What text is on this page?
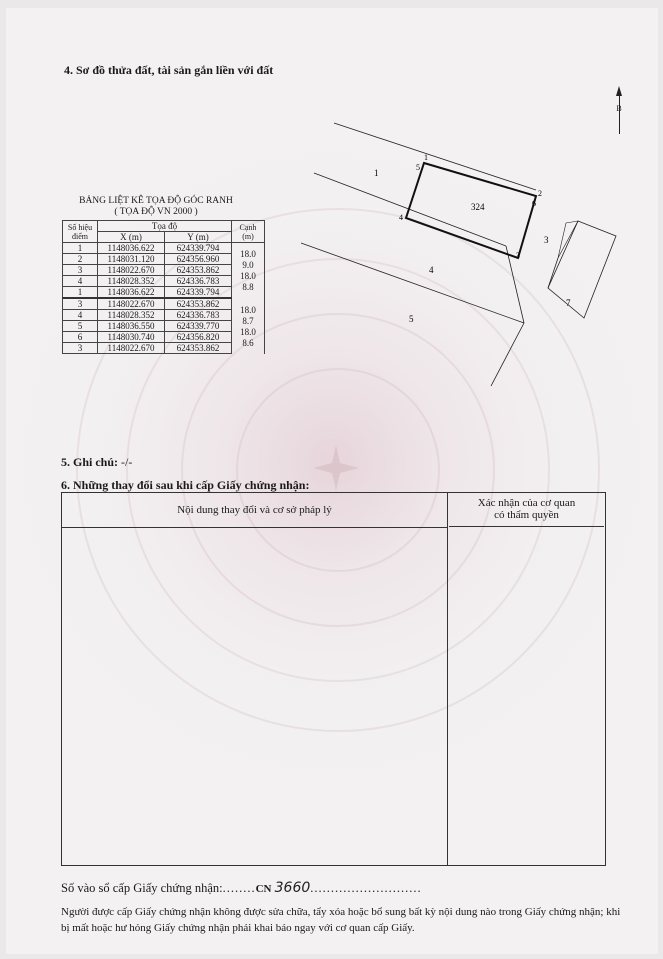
4. Sơ đồ thửa đất, tài sản gắn liền với đất
B
1
324
3
4
5
7
1
2
3
4
5
6
BẢNG LIỆT KÊ TỌA ĐỘ GÓC RANH
( TỌA ĐỘ VN 2000 )
Số hiệu điểm	Tọa độ		Cạnh (m)
	X (m)	Y (m)	
1	1148036.622	624339.794	
2	1148031.120	624356.960	18.0
3	1148022.670	624353.862	9.0
4	1148028.352	624336.783	18.0
1	1148036.622	624339.794	8.8
3	1148022.670	624353.862	
4	1148028.352	624336.783	18.0
5	1148036.550	624339.770	8.7
6	1148030.740	624356.820	18.0
3	1148022.670	624353.862	8.6
5. Ghi chú: -/-
6. Những thay đổi sau khi cấp Giấy chứng nhận:
Nội dung thay đổi và cơ sở pháp lý
Xác nhận của cơ quan
có thẩm quyền
Số vào sổ cấp Giấy chứng nhận:........CN 3660...........................
Người được cấp Giấy chứng nhận không được sửa chữa, tẩy xóa hoặc bổ sung bất kỳ nội dung nào trong Giấy chứng nhận; khi bị mất hoặc hư hỏng Giấy chứng nhận phải khai báo ngay với cơ quan cấp Giấy.
